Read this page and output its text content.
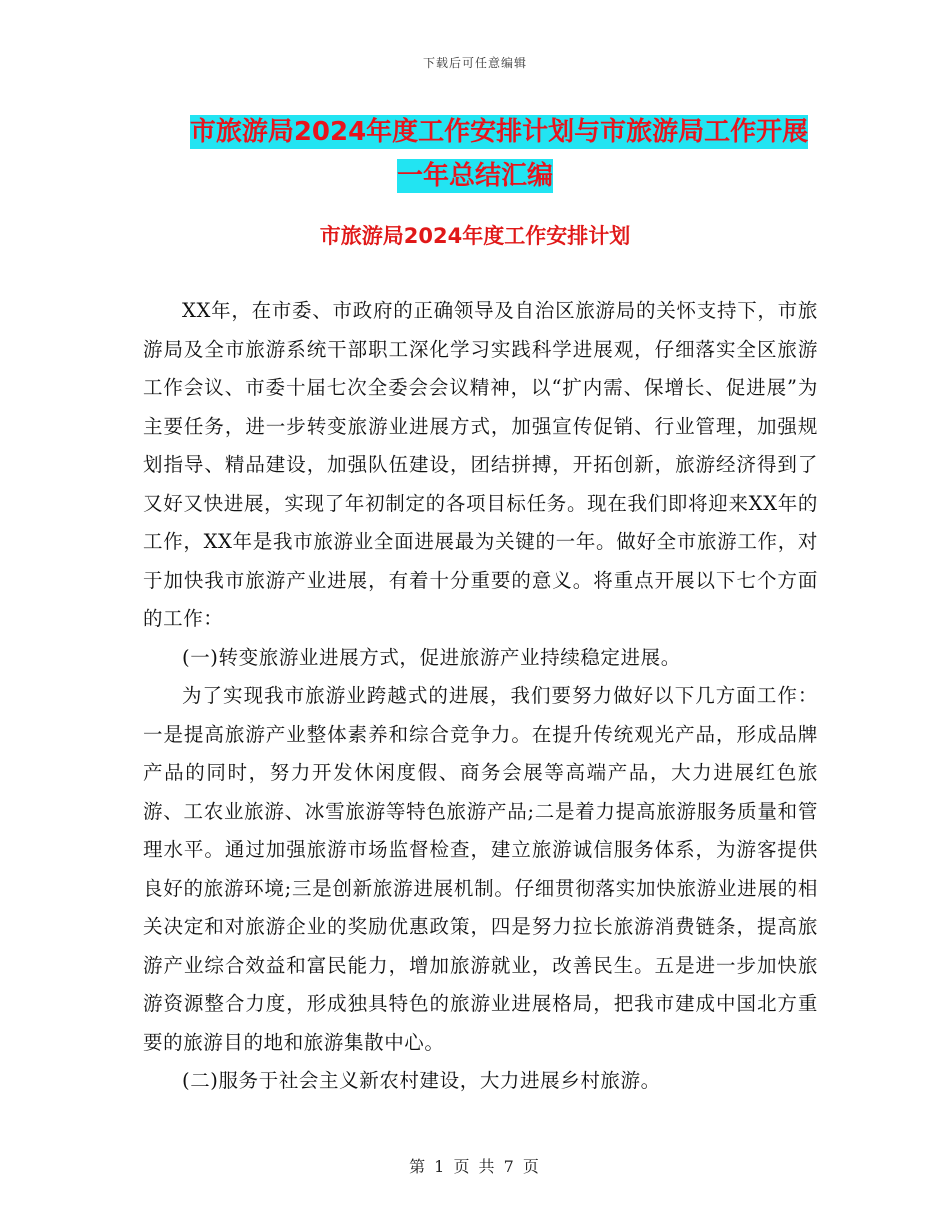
下载后可任意编辑
市旅游局2024年度工作安排计划与市旅游局工作开展
一年总结汇编
市旅游局2024年度工作安排计划

XX年，在市委、市政府的正确领导及自治区旅游局的关怀支持下，市旅游局及全市旅游系统干部职工深化学习实践科学进展观，仔细落实全区旅游工作会议、市委十届七次全委会会议精神，以“扩内需、保增长、促进展”为主要任务，进一步转变旅游业进展方式，加强宣传促销、行业管理，加强规划指导、精品建设，加强队伍建设，团结拼搏，开拓创新，旅游经济得到了又好又快进展，实现了年初制定的各项目标任务。现在我们即将迎来XX年的工作，XX年是我市旅游业全面进展最为关键的一年。做好全市旅游工作，对于加快我市旅游产业进展，有着十分重要的意义。将重点开展以下七个方面的工作：

(一)转变旅游业进展方式，促进旅游产业持续稳定进展。

为了实现我市旅游业跨越式的进展，我们要努力做好以下几方面工作：一是提高旅游产业整体素养和综合竞争力。在提升传统观光产品，形成品牌产品的同时，努力开发休闲度假、商务会展等高端产品，大力进展红色旅游、工农业旅游、冰雪旅游等特色旅游产品;二是着力提高旅游服务质量和管理水平。通过加强旅游市场监督检查，建立旅游诚信服务体系，为游客提供良好的旅游环境;三是创新旅游进展机制。仔细贯彻落实加快旅游业进展的相关决定和对旅游企业的奖励优惠政策，四是努力拉长旅游消费链条，提高旅游产业综合效益和富民能力，增加旅游就业，改善民生。五是进一步加快旅游资源整合力度，形成独具特色的旅游业进展格局，把我市建成中国北方重要的旅游目的地和旅游集散中心。

(二)服务于社会主义新农村建设，大力进展乡村旅游。

第 1 页 共 7 页
